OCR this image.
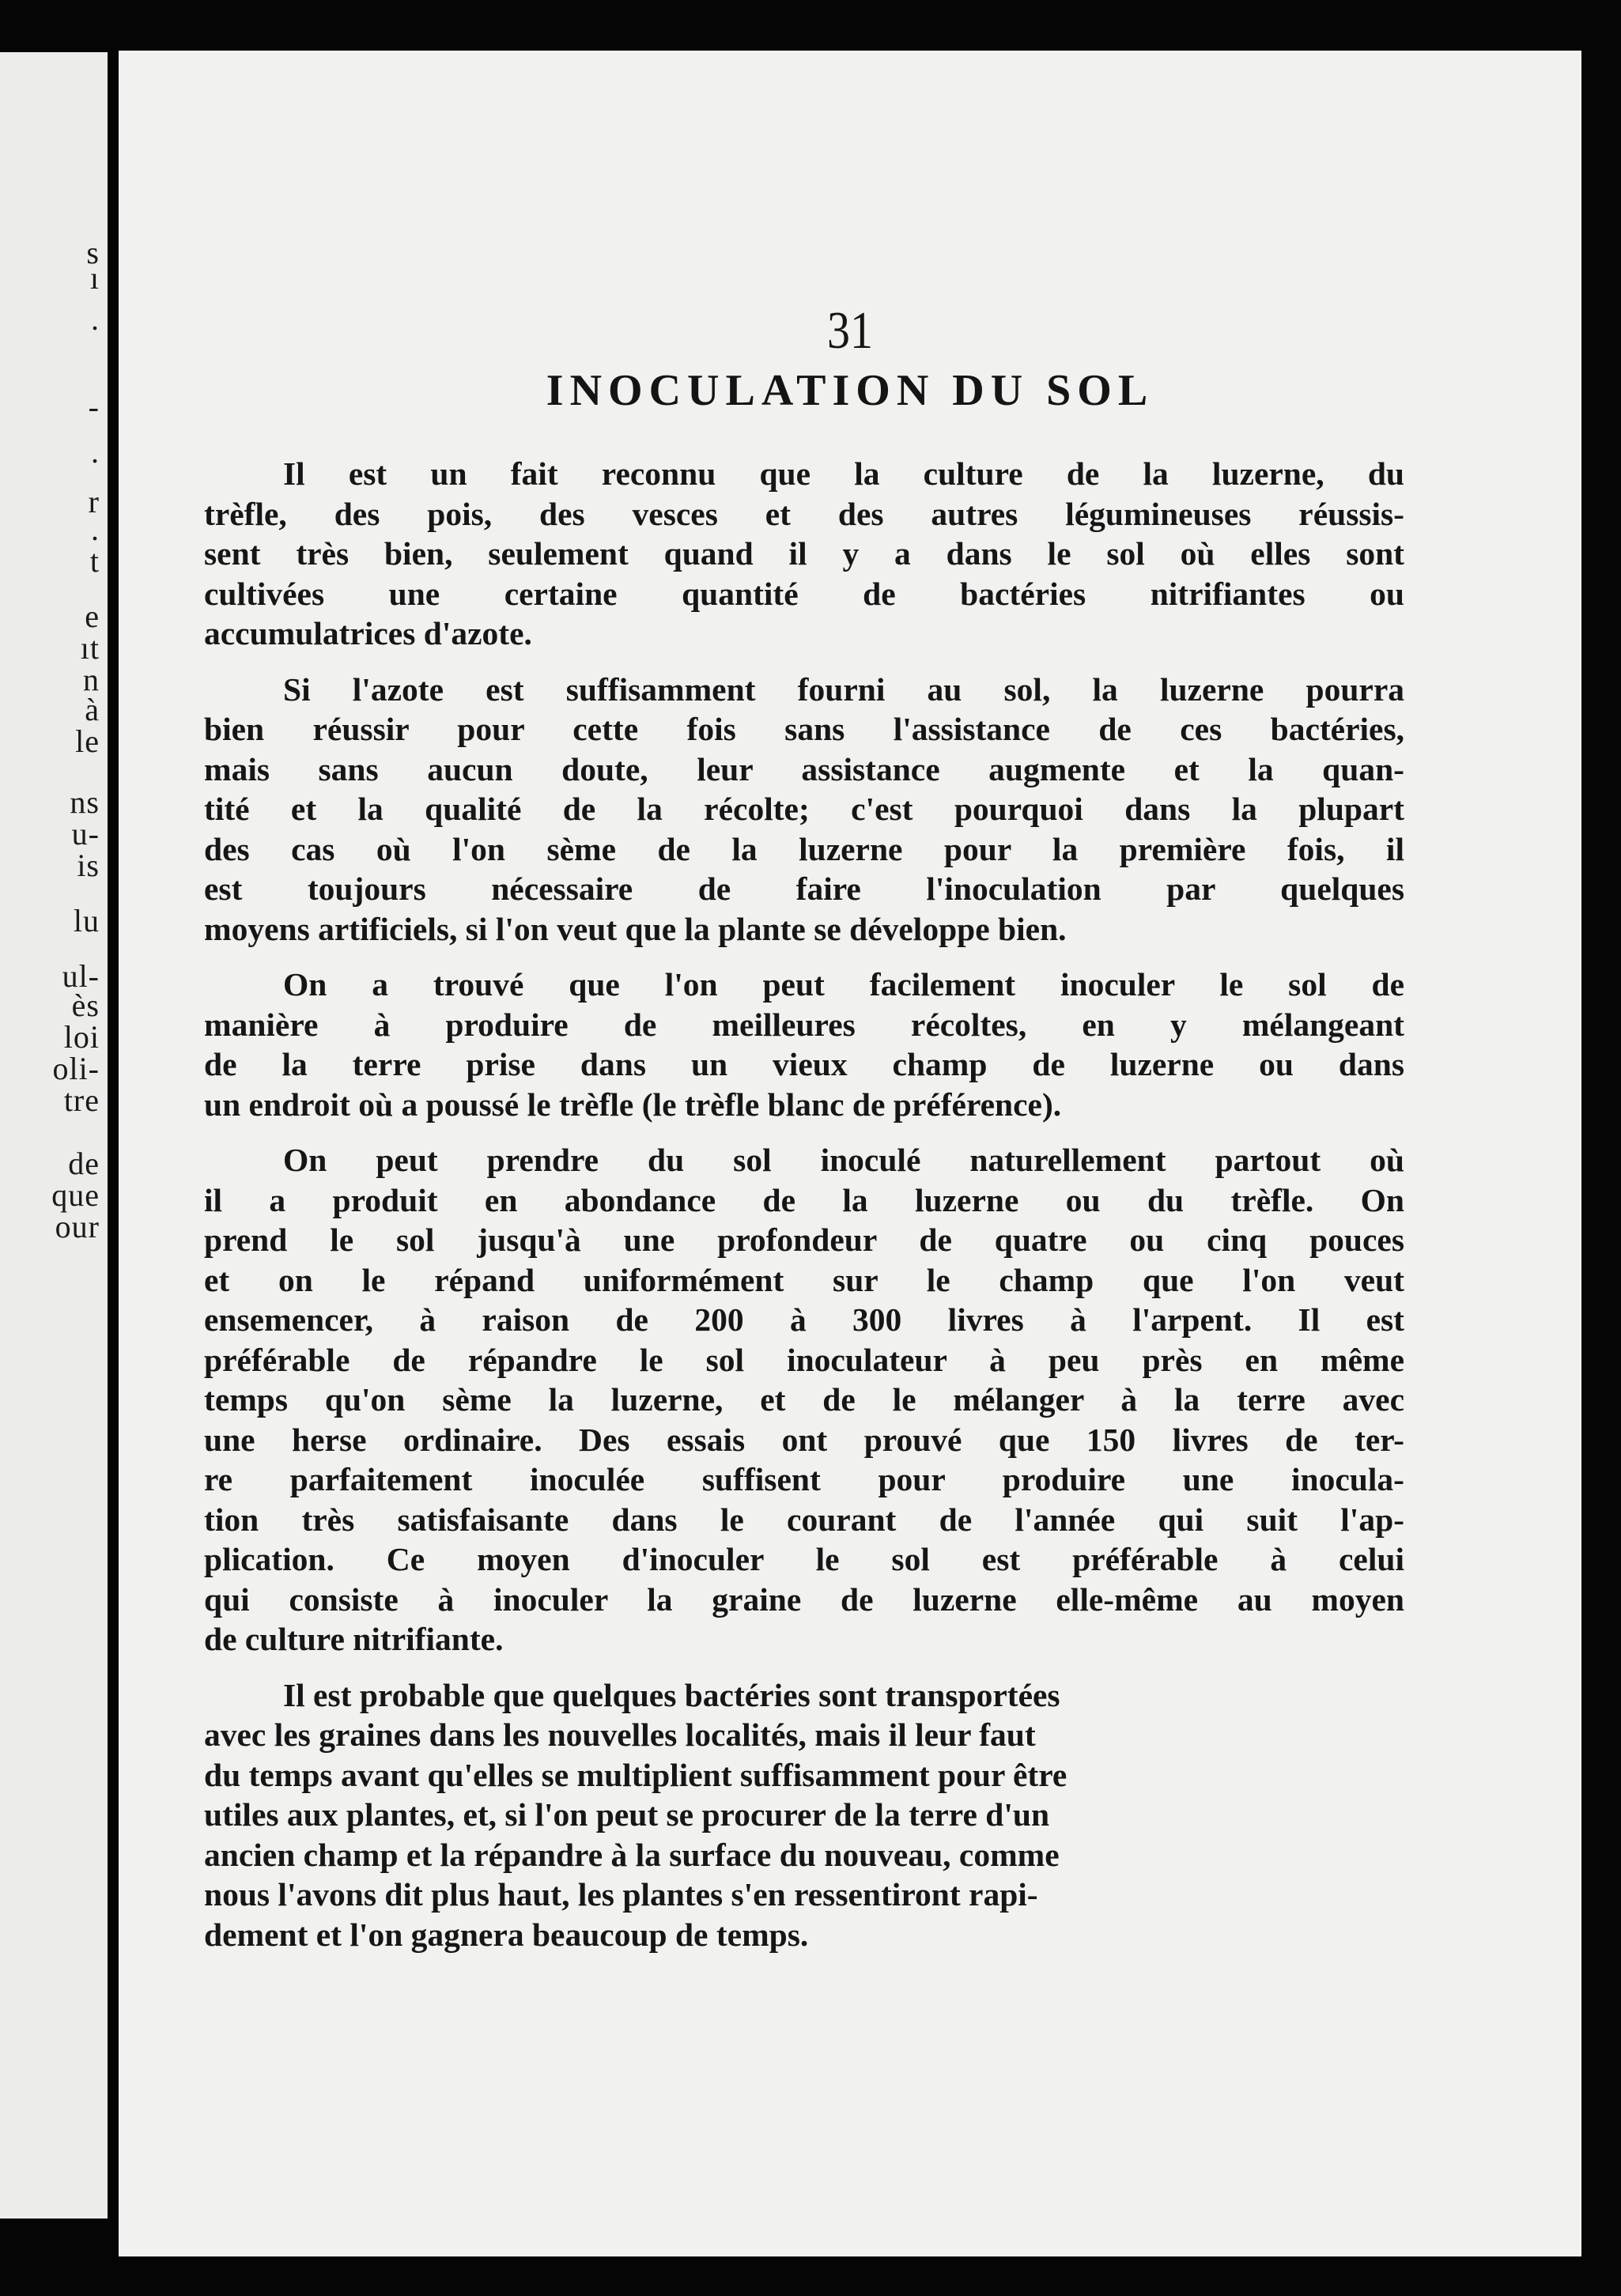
s
ı
.
-
.
r
.
t
e
ıt
n
à
le
ns
u-
is
lu
ul-
ès
loi
oli-
tre
de
que
our
31
INOCULATION DU SOL

Il est un fait reconnu que la culture de la luzerne, du
trèfle, des pois, des vesces et des autres légumineuses réussis-
sent très bien, seulement quand il y a dans le sol où elles sont
cultivées une certaine quantité de bactéries nitrifiantes ou
accumulatrices d'azote.

Si l'azote est suffisamment fourni au sol, la luzerne pourra
bien réussir pour cette fois sans l'assistance de ces bactéries,
mais sans aucun doute, leur assistance augmente et la quan-
tité et la qualité de la récolte; c'est pourquoi dans la plupart
des cas où l'on sème de la luzerne pour la première fois, il
est toujours nécessaire de faire l'inoculation par quelques
moyens artificiels, si l'on veut que la plante se développe bien.

On a trouvé que l'on peut facilement inoculer le sol de
manière à produire de meilleures récoltes, en y mélangeant
de la terre prise dans un vieux champ de luzerne ou dans
un endroit où a poussé le trèfle (le trèfle blanc de préférence).

On peut prendre du sol inoculé naturellement partout où
il a produit en abondance de la luzerne ou du trèfle. On
prend le sol jusqu'à une profondeur de quatre ou cinq pouces
et on le répand uniformément sur le champ que l'on veut
ensemencer, à raison de 200 à 300 livres à l'arpent. Il est
préférable de répandre le sol inoculateur à peu près en même
temps qu'on sème la luzerne, et de le mélanger à la terre avec
une herse ordinaire. Des essais ont prouvé que 150 livres de ter-
re parfaitement inoculée suffisent pour produire une inocula-
tion très satisfaisante dans le courant de l'année qui suit l'ap-
plication. Ce moyen d'inoculer le sol est préférable à celui
qui consiste à inoculer la graine de luzerne elle-même au moyen
de culture nitrifiante.

Il est probable que quelques bactéries sont transportées
avec les graines dans les nouvelles localités, mais il leur faut
du temps avant qu'elles se multiplient suffisamment pour être
utiles aux plantes, et, si l'on peut se procurer de la terre d'un
ancien champ et la répandre à la surface du nouveau, comme
nous l'avons dit plus haut, les plantes s'en ressentiront rapi-
dement et l'on gagnera beaucoup de temps.
